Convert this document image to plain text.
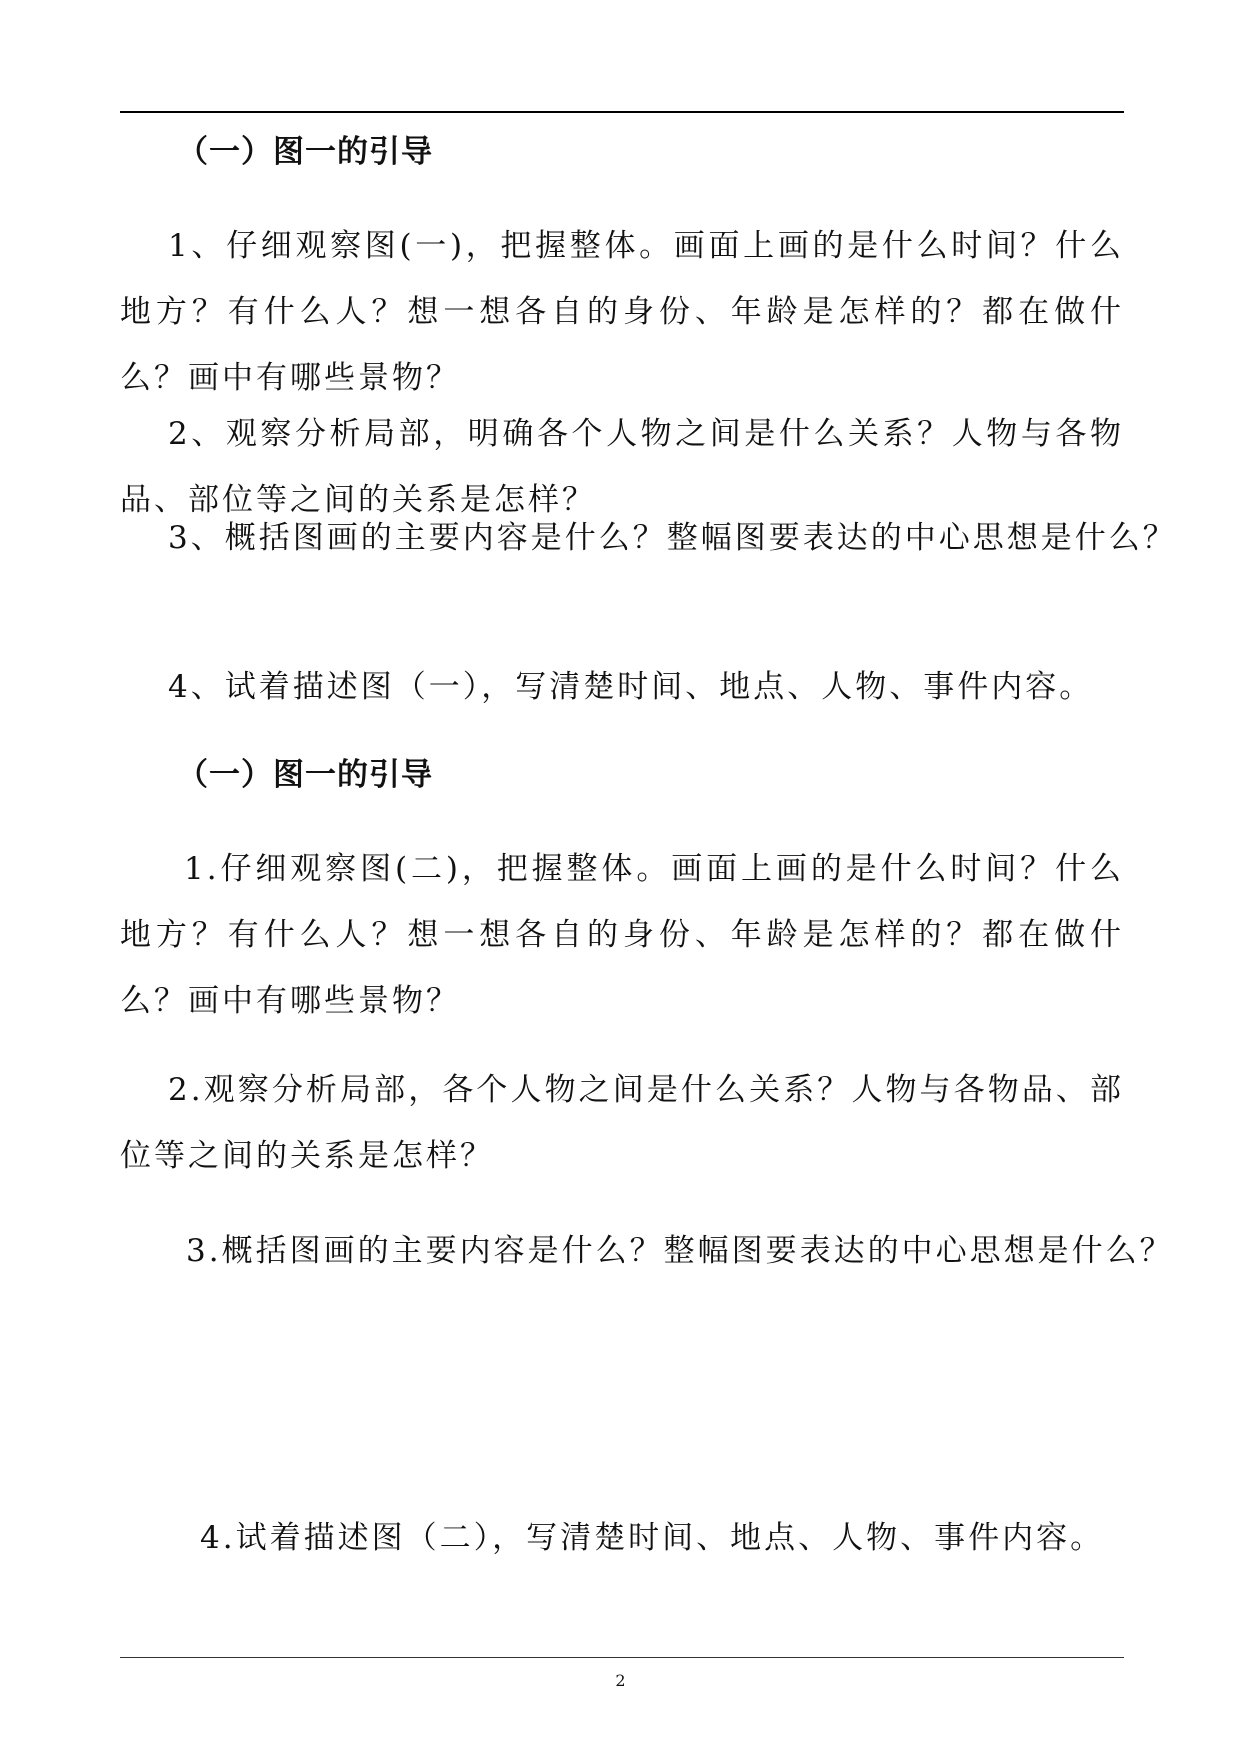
（一）图一的引导
1、仔细观察图(一)，把握整体。画面上画的是什么时间？什么地方？有什么人？想一想各自的身份、年龄是怎样的？都在做什么？画中有哪些景物？
2、观察分析局部，明确各个人物之间是什么关系？人物与各物品、部位等之间的关系是怎样？
3、概括图画的主要内容是什么？整幅图要表达的中心思想是什么？
4、试着描述图（一），写清楚时间、地点、人物、事件内容。
（一）图一的引导
1.仔细观察图(二)，把握整体。画面上画的是什么时间？什么地方？有什么人？想一想各自的身份、年龄是怎样的？都在做什么？画中有哪些景物？
2.观察分析局部，各个人物之间是什么关系？人物与各物品、部位等之间的关系是怎样？
3.概括图画的主要内容是什么？整幅图要表达的中心思想是什么？
4.试着描述图（二），写清楚时间、地点、人物、事件内容。
2
